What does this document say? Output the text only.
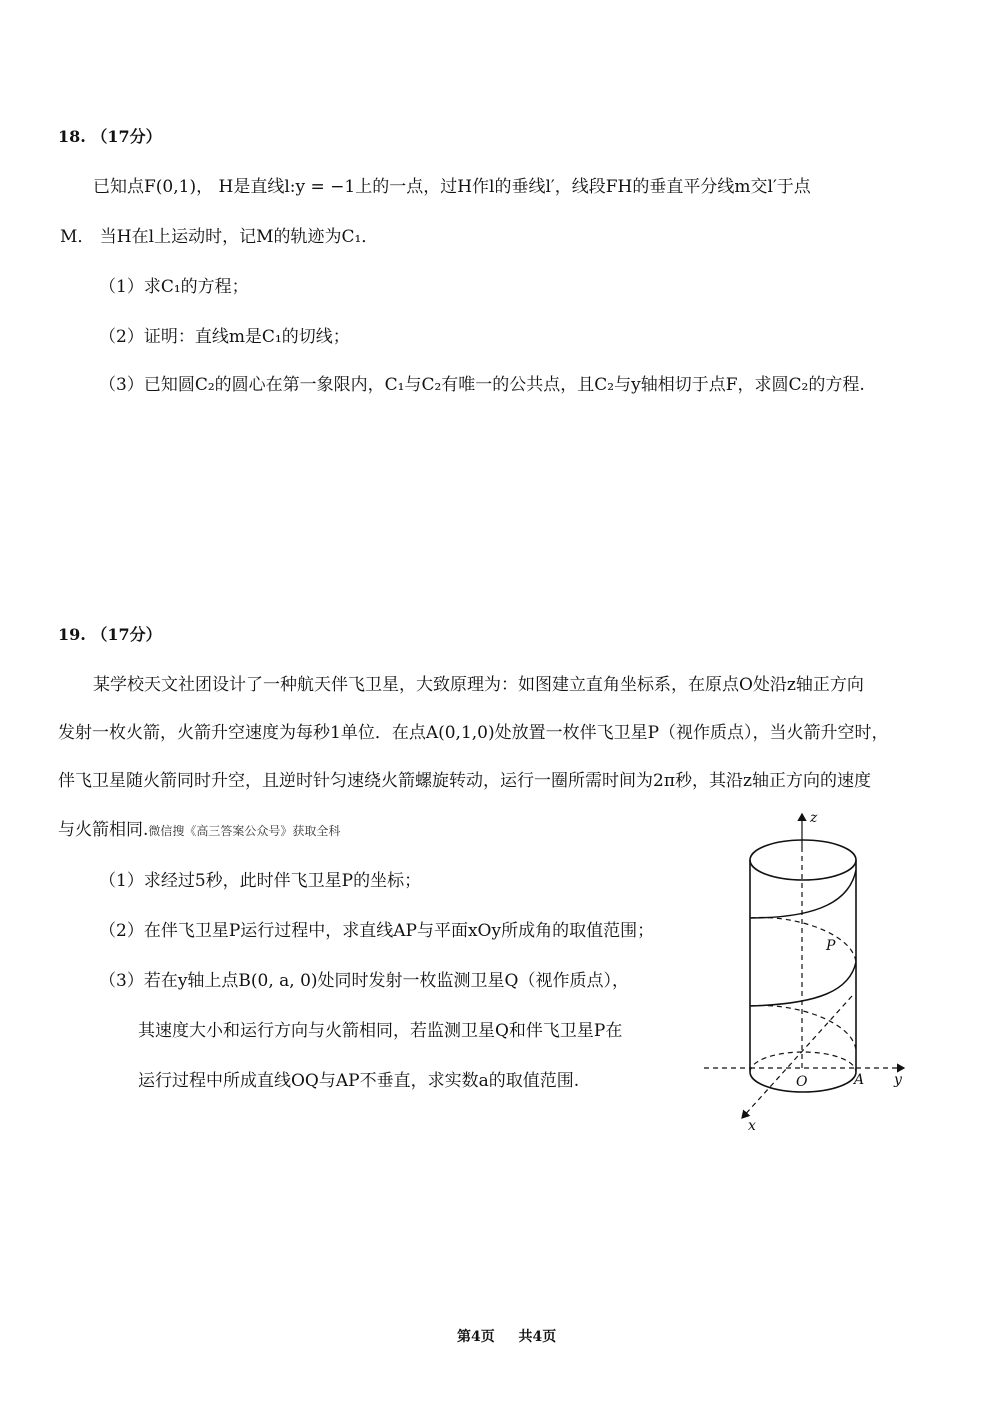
18. （17分）
已知点F(0,1)， H是直线l:y = −1上的一点，过H作l的垂线l′，线段FH的垂直平分线m交l′于点
M． 当H在l上运动时，记M的轨迹为C₁．
（1）求C₁的方程；
（2）证明：直线m是C₁的切线；
（3）已知圆C₂的圆心在第一象限内，C₁与C₂有唯一的公共点，且C₂与y轴相切于点F，求圆C₂的方程.
19. （17分）
某学校天文社团设计了一种航天伴飞卫星，大致原理为：如图建立直角坐标系，在原点O处沿z轴正方向
发射一枚火箭，火箭升空速度为每秒1单位．在点A(0,1,0)处放置一枚伴飞卫星P（视作质点），当火箭升空时，
伴飞卫星随火箭同时升空，且逆时针匀速绕火箭螺旋转动，运行一圈所需时间为2π秒，其沿z轴正方向的速度
与火箭相同.微信搜《高三答案公众号》获取全科
（1）求经过5秒，此时伴飞卫星P的坐标；
（2）在伴飞卫星P运行过程中，求直线AP与平面xOy所成角的取值范围；
（3）若在y轴上点B(0, a, 0)处同时发射一枚监测卫星Q（视作质点），
其速度大小和运行方向与火箭相同，若监测卫星Q和伴飞卫星P在
运行过程中所成直线OQ与AP不垂直，求实数a的取值范围.
z
P
O	A y
x
第4页 共4页
